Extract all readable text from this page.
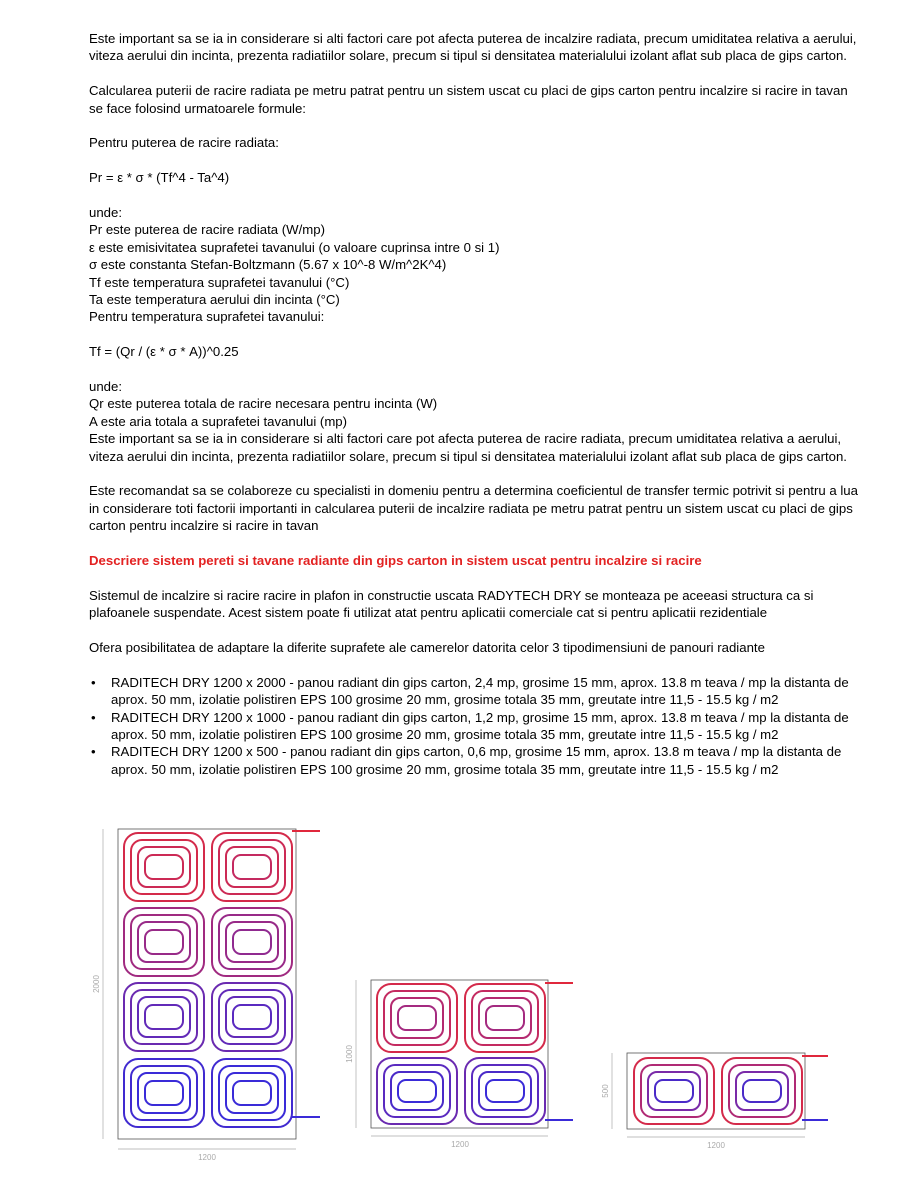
Este important sa se ia in considerare si alti factori care pot afecta puterea de incalzire radiata, precum umiditatea relativa a aerului, viteza aerului din incinta, prezenta radiatiilor solare, precum si tipul si densitatea materialului izolant aflat sub placa de gips carton.

Calcularea puterii de racire radiata pe metru patrat pentru un sistem uscat cu placi de gips carton pentru incalzire si racire in tavan se face folosind urmatoarele formule:

Pentru puterea de racire radiata:

Pr = ε * σ * (Tf^4 - Ta^4)

unde:

Pr este puterea de racire radiata (W/mp)

ε este emisivitatea suprafetei tavanului (o valoare cuprinsa intre 0 si 1)

σ este constanta Stefan-Boltzmann (5.67 x 10^-8 W/m^2K^4)

Tf este temperatura suprafetei tavanului (°C)

Ta este temperatura aerului din incinta (°C)

Pentru temperatura suprafetei tavanului:

Tf = (Qr / (ε * σ * A))^0.25

unde:

Qr este puterea totala de racire necesara pentru incinta (W)

A este aria totala a suprafetei tavanului (mp)

Este important sa se ia in considerare si alti factori care pot afecta puterea de racire radiata, precum umiditatea relativa a aerului, viteza aerului din incinta, prezenta radiatiilor solare, precum si tipul si densitatea materialului izolant aflat sub placa de gips carton.

Este recomandat sa se colaboreze cu specialisti in domeniu pentru a determina coeficientul de transfer termic potrivit si pentru a lua in considerare toti factorii importanti in calcularea puterii de incalzire radiata pe metru patrat pentru un sistem uscat cu placi de gips carton pentru incalzire si racire in tavan

Descriere sistem pereti si tavane radiante din gips carton in sistem uscat pentru incalzire si racire

Sistemul de incalzire si racire racire in plafon in constructie uscata RADYTECH DRY se monteaza pe aceeasi structura ca si plafoanele suspendate. Acest sistem poate fi utilizat atat pentru aplicatii comerciale cat si pentru aplicatii rezidentiale

Ofera posibilitatea de adaptare la diferite suprafete ale camerelor datorita celor 3 tipodimensiuni de panouri radiante

• RADITECH DRY 1200 x 2000 - panou radiant din gips carton, 2,4 mp, grosime 15 mm, aprox. 13.8 m teava / mp la distanta de aprox. 50 mm, izolatie polistiren EPS 100 grosime 20 mm, grosime totala 35 mm, greutate intre 11,5 - 15.5 kg / m2
• RADITECH DRY 1200 x 1000 - panou radiant din gips carton, 1,2 mp, grosime 15 mm, aprox. 13.8 m teava / mp la distanta de aprox. 50 mm, izolatie polistiren EPS 100 grosime 20 mm, grosime totala 35 mm, greutate intre 11,5 - 15.5 kg / m2
• RADITECH DRY 1200 x 500 - panou radiant din gips carton, 0,6 mp, grosime 15 mm, aprox. 13.8 m teava / mp la distanta de aprox. 50 mm, izolatie polistiren EPS 100 grosime 20 mm, grosime totala 35 mm, greutate intre 11,5 - 15.5 kg / m2
1200
2000
1200
1000
1200
500
